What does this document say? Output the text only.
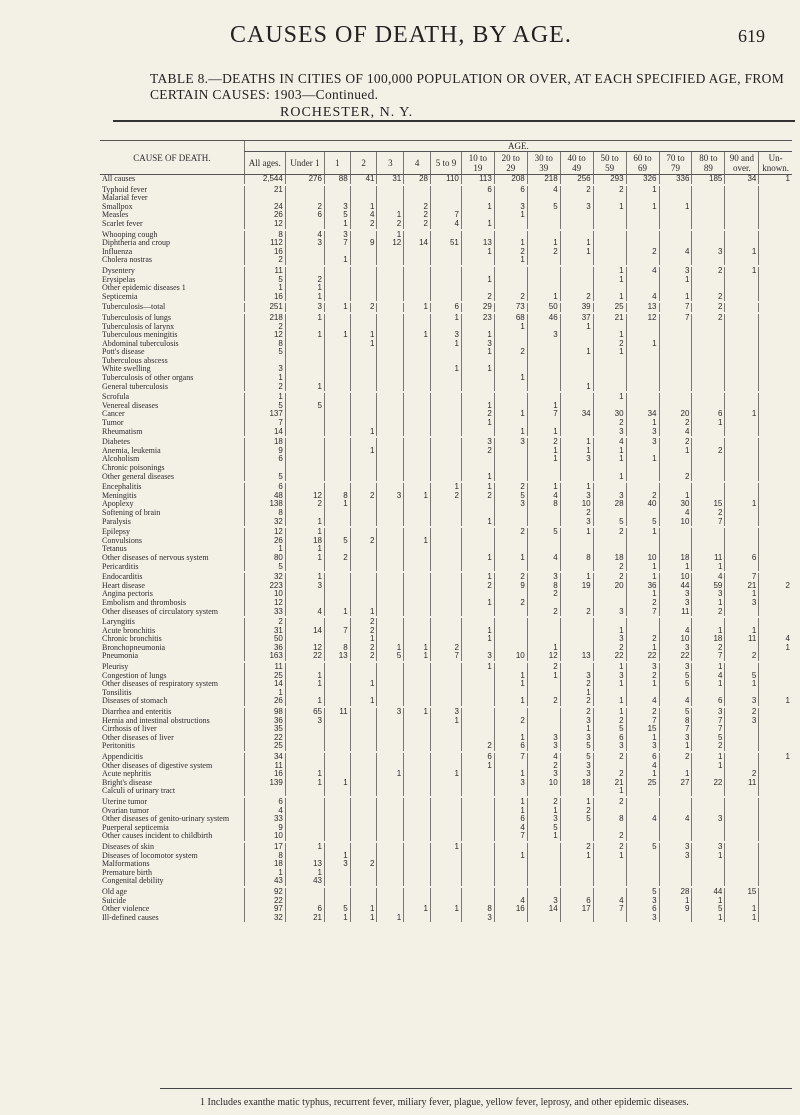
CAUSES OF DEATH, BY AGE.	619
TABLE 8.—DEATHS IN CITIES OF 100,000 POPULATION OR OVER, AT EACH SPECIFIED AGE, FROM CERTAIN CAUSES: 1903—Continued.
ROCHESTER, N. Y.
CAUSE OF DEATH.	AGE.																
	All ages.	Under 1	1	2	3	4	5 to 9	10 to 19	20 to 29	30 to 39	40 to 49	50 to 59	60 to 69	70 to 79	80 to 89	90 and over.	Un-known.
All causes	2,544	276	88	41	31	28	110	113	208	218	256	293	326	336	185	34	1
Typhoid fever	21							6	6	4	2	2	1				
Malarial fever																	
Smallpox	24	2	3	1		2		1	3	5	3	1	1	1			
Measles	26	6	5	4	1	2	7		1								
Scarlet fever	12		1	2	2	2	4	1									
Whooping cough	8	4	3		1												
Diphtheria and croup	112	3	7	9	12	14	51	13	1	1	1						
Influenza	16							1	2	2	1		2	4	3	1	
Cholera nostras	2		1						1								
Dysentery	11											1	4	3	2	1	
Erysipelas	5	2						1				1		1			
Other epidemic diseases 1	1	1															
Septicemia	16	1						2	2	1	2	1	4	1	2		
Tuberculosis—total	251	3	1	2		1	6	29	73	50	39	25	13	7	2		
Tuberculosis of lungs	218	1					1	23	68	46	37	21	12	7	2		
Tuberculosis of larynx	2								1		1						
Tuberculous meningitis	12	1	1	1		1	3	1		3		1					
Abdominal tuberculosis	8			1			1	3				2	1				
Pott's disease	5							1	2		1	1					
Tuberculous abscess																	
White swelling	3						1	1									
Tuberculosis of other organs	1								1								
General tuberculosis	2	1									1						
Scrofula	1											1					
Venereal diseases	5	5						1		1							
Cancer	137							2	1	7	34	30	34	20	6	1	
Tumor	7							1				2	1	2	1		
Rheumatism	14			1					1	1		3	3	4			
Diabetes	18							3	3	2	1	4	3	2			
Anemia, leukemia	9			1				2		1	1	1		1	2		
Alcoholism	6									1	3	1	1				
Chronic poisonings																	
Other general diseases	5							1				1		2			
Encephalitis	6						1	1	2	1	1						
Meningitis	48	12	8	2	3	1	2	2	5	4	3	3	2	1			
Apoplexy	138	2	1						3	8	10	28	40	30	15	1	
Softening of brain	8										2			4	2		
Paralysis	32	1						1			3	5	5	10	7		
Epilepsy	12	1							2	5	1	2	1				
Convulsions	26	18	5	2		1											
Tetanus	1	1															
Other diseases of nervous system	80	1	2					1	1	4	8	18	10	18	11	6	
Pericarditis	5											2	1	1	1		
Endocarditis	32	1						1	2	3	1	2	1	10	4	7	
Heart disease	223	3						2	9	8	19	20	36	44	59	21	2
Angina pectoris	10									2			1	3	3	1	
Embolism and thrombosis	12							1	2				2	3	1	3	
Other diseases of circulatory system	33	4	1	1						2	2	3	7	11	2		
Laryngitis	2			2													
Acute bronchitis	31	14	7	2				1				1		4	1	1	
Chronic bronchitis	50			1				1				3	2	10	18	11	4
Bronchopneumonia	36	12	8	2	1	1	2			1		2	1	3	2		1
Pneumonia	163	22	13	2	5	1	7	3	10	12	13	22	22	22	7	2	
Pleurisy	11							1		2		1	3	3	1		
Congestion of lungs	25	1							1	1	3	3	2	5	4	5	
Other diseases of respiratory system	14	1		1					1		2	1	1	5	1	1	
Tonsilitis	1										1						
Diseases of stomach	26	1		1					1	2	2	1	4	4	6	3	1
Diarrhea and enteritis	98	65	11		3	1	3				2	1	2	5	3	2	
Hernia and intestinal obstructions	36	3					1		2		3	2	7	8	7	3	
Cirrhosis of liver	35										1	5	15	7	7		
Other diseases of liver	22								1	3	3	6	1	3	5		
Peritonitis	25							2	6	3	5	3	3	1	2		
Appendicitis	34							6	7	4	5	2	6	2	1		1
Other diseases of digestive system	11							1		2	3		4		1		
Acute nephritis	16	1			1		1		1	3	3	2	1	1		2	
Bright's disease	139	1	1						3	10	18	21	25	27	22	11	
Calculi of urinary tract												1					
Uterine tumor	6								1	2	1	2					
Ovarian tumor	4								1	1	2						
Other diseases of genito-urinary system	33								6	3	5	8	4	4	3		
Puerperal septicemia	9								4	5							
Other causes incident to childbirth	10								7	1		2					
Diseases of skin	17	1					1				2	2	5	3	3		
Diseases of locomotor system	8		1						1		1	1		3	1		
Malformations	18	13	3	2													
Premature birth	1	1															
Congenital debility	43	43															
Old age	92												5	28	44	15	
Suicide	22								4	3	6	4	3	1	1		
Other violence	97	6	5	1		1	1	8	16	14	17	7	6	9	5	1	
Ill-defined causes	32	21	1	1	1			3					3		1	1	
1 Includes exanthe matic typhus, recurrent fever, miliary fever, plague, yellow fever, leprosy, and other epidemic diseases.
